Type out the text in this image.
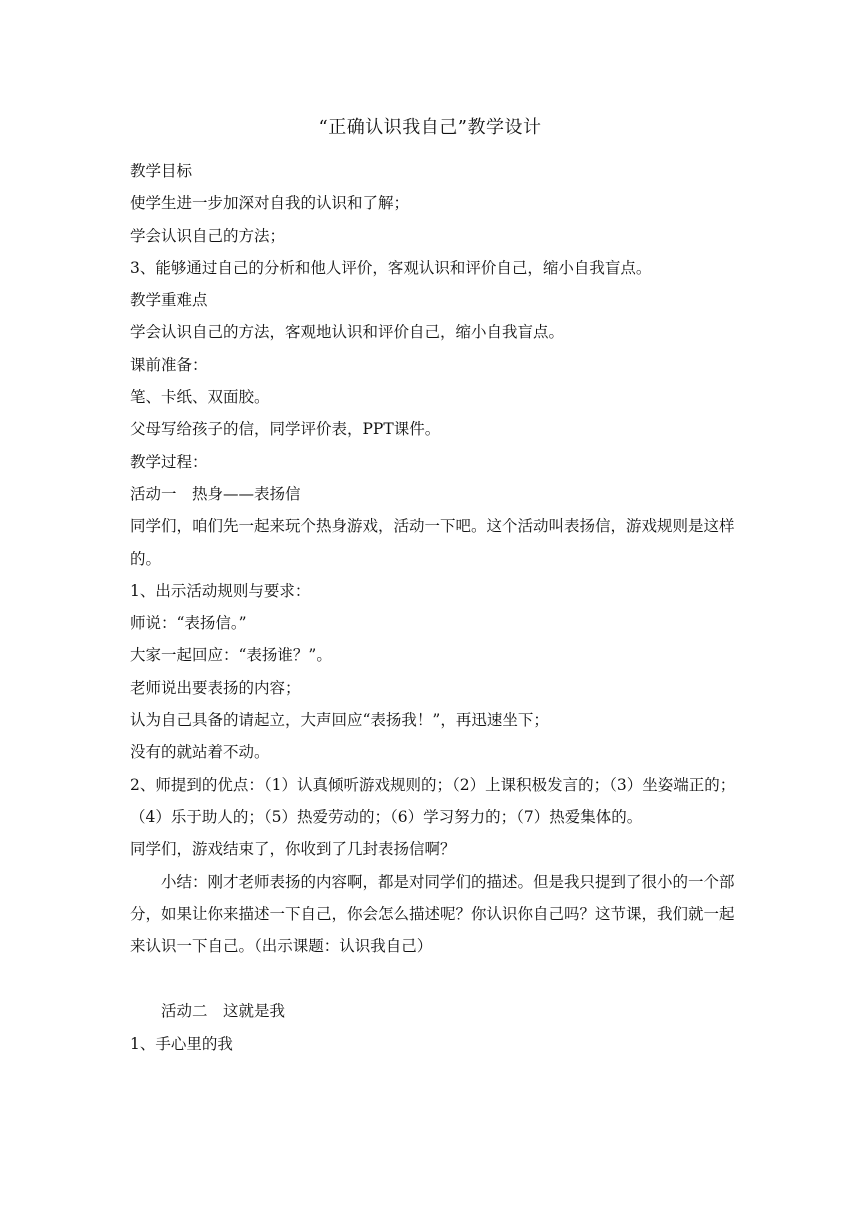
“正确认识我自己”教学设计

教学目标

使学生进一步加深对自我的认识和了解；

学会认识自己的方法；

3、能够通过自己的分析和他人评价，客观认识和评价自己，缩小自我盲点。

教学重难点

学会认识自己的方法，客观地认识和评价自己，缩小自我盲点。

课前准备：

笔、卡纸、双面胶。

父母写给孩子的信，同学评价表，PPT课件。

教学过程：

活动一　热身——表扬信

同学们，咱们先一起来玩个热身游戏，活动一下吧。这个活动叫表扬信，游戏规则是这样的。

1、出示活动规则与要求：

师说：“表扬信。”

大家一起回应：“表扬谁？”。

老师说出要表扬的内容；

认为自己具备的请起立，大声回应“表扬我！”，再迅速坐下；

没有的就站着不动。

2、师提到的优点：（1）认真倾听游戏规则的；（2）上课积极发言的；（3）坐姿端正的；（4）乐于助人的；（5）热爱劳动的；（6）学习努力的；（7）热爱集体的。

同学们，游戏结束了，你收到了几封表扬信啊？

小结：刚才老师表扬的内容啊，都是对同学们的描述。但是我只提到了很小的一个部分，如果让你来描述一下自己，你会怎么描述呢？你认识你自己吗？这节课，我们就一起来认识一下自己。（出示课题：认识我自己）

活动二　这就是我

1、手心里的我
